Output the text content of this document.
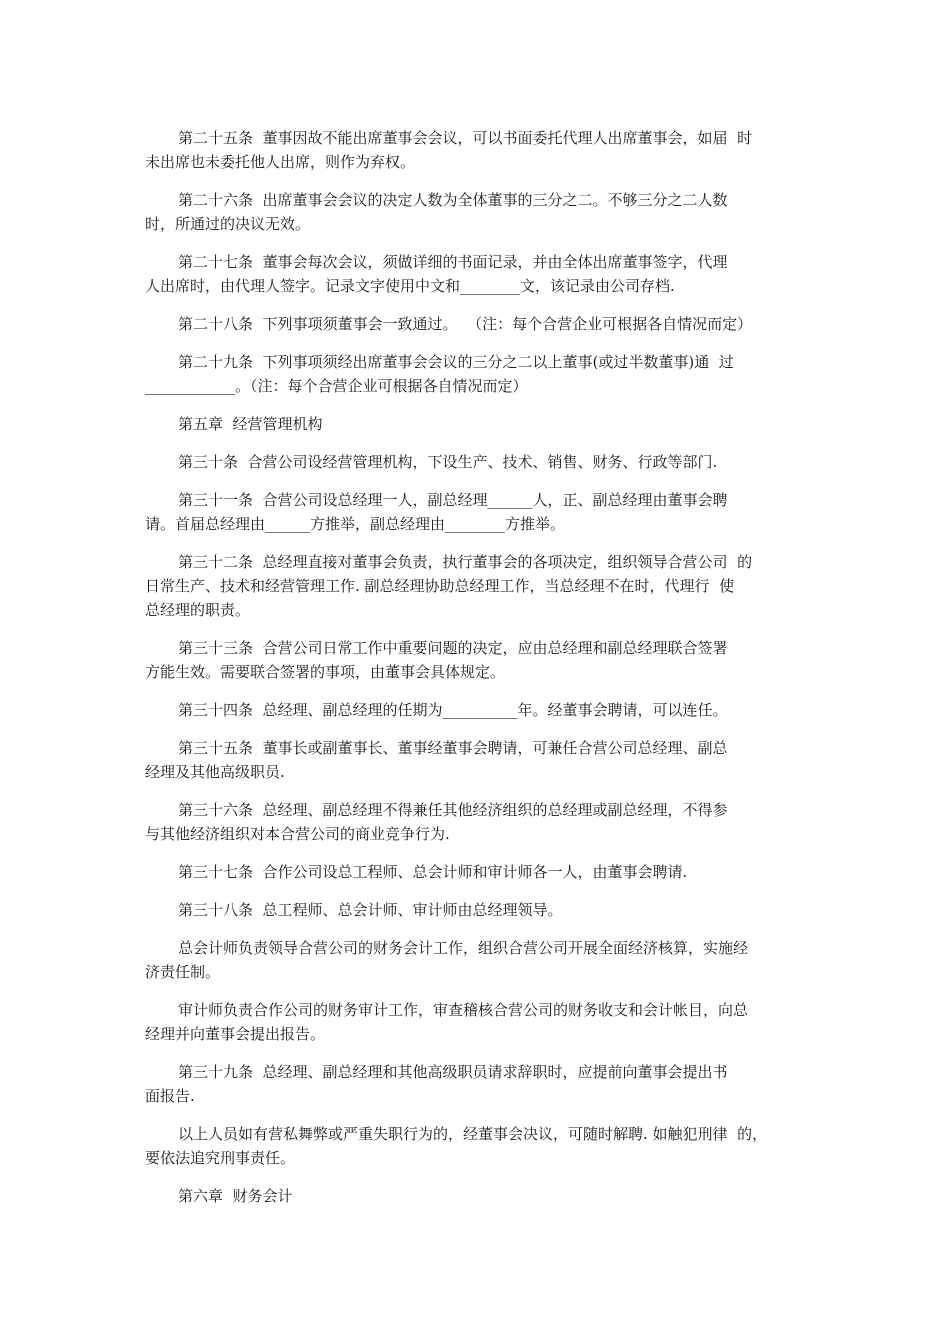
第二十五条  董事因故不能出席董事会会议，可以书面委托代理人出席董事会，如届  时
未出席也未委托他人出席，则作为弃权。

第二十六条  出席董事会会议的决定人数为全体董事的三分之二。不够三分之二人数
时，所通过的决议无效。

第二十七条  董事会每次会议，须做详细的书面记录，并由全体出席董事签字，代理
人出席时，由代理人签字。记录文字使用中文和________文，该记录由公司存档.

第二十八条  下列事项须董事会一致通过。  （注：每个合营企业可根据各自情况而定）

第二十九条  下列事项须经出席董事会会议的三分之二以上董事(或过半数董事)通  过
____________。（注：每个合营企业可根据各自情况而定）

第五章  经营管理机构

第三十条  合营公司设经营管理机构，下设生产、技术、销售、财务、行政等部门.

第三十一条  合营公司设总经理一人，副总经理______人，正、副总经理由董事会聘
请。首届总经理由______方推举，副总经理由________方推举。

第三十二条  总经理直接对董事会负责，执行董事会的各项决定，组织领导合营公司  的
日常生产、技术和经营管理工作. 副总经理协助总经理工作，当总经理不在时，代理行  使
总经理的职责。

第三十三条  合营公司日常工作中重要问题的决定，应由总经理和副总经理联合签署
方能生效。需要联合签署的事项，由董事会具体规定。

第三十四条  总经理、副总经理的任期为__________年。经董事会聘请，可以连任。

第三十五条  董事长或副董事长、董事经董事会聘请，可兼任合营公司总经理、副总
经理及其他高级职员.

第三十六条  总经理、副总经理不得兼任其他经济组织的总经理或副总经理，不得参
与其他经济组织对本合营公司的商业竞争行为.

第三十七条  合作公司设总工程师、总会计师和审计师各一人，由董事会聘请.

第三十八条  总工程师、总会计师、审计师由总经理领导。

总会计师负责领导合营公司的财务会计工作，组织合营公司开展全面经济核算，实施经
济责任制。

审计师负责合作公司的财务审计工作，审查稽核合营公司的财务收支和会计帐目，向总
经理并向董事会提出报告。

第三十九条  总经理、副总经理和其他高级职员请求辞职时，应提前向董事会提出书
面报告.

以上人员如有营私舞弊或严重失职行为的，经董事会决议，可随时解聘. 如触犯刑律  的，
要依法追究刑事责任。

第六章  财务会计
